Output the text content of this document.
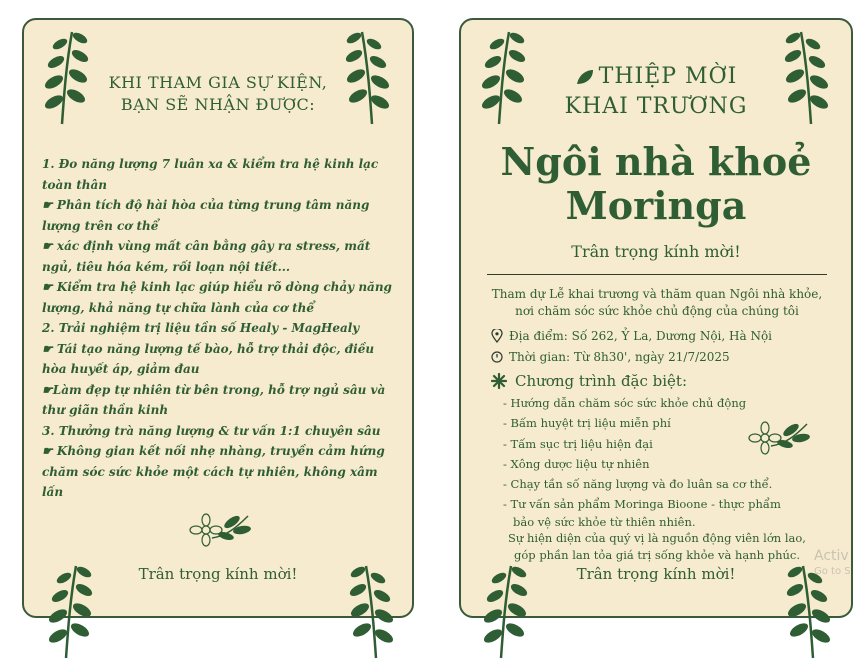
KHI THAM GIA SỰ KIỆN,
BẠN SẼ NHẬN ĐƯỢC:
1. Đo năng lượng 7 luân xa & kiểm tra hệ kinh lạc toàn thân
☛ Phân tích độ hài hòa của từng trung tâm năng lượng trên cơ thể
☛ xác định vùng mất cân bằng gây ra stress, mất ngủ, tiêu hóa kém, rối loạn nội tiết...
☛ Kiểm tra hệ kinh lạc giúp hiểu rõ dòng chảy năng lượng, khả năng tự chữa lành của cơ thể
2. Trải nghiệm trị liệu tần số Healy - MagHealy
☛ Tái tạo năng lượng tế bào, hỗ trợ thải độc, điều hòa huyết áp, giảm đau
☛Làm đẹp tự nhiên từ bên trong, hỗ trợ ngủ sâu và thư giãn thần kinh
3. Thưởng trà năng lượng & tư vấn 1:1 chuyên sâu
☛ Không gian kết nối nhẹ nhàng, truyền cảm hứng chăm sóc sức khỏe một cách tự nhiên, không xâm lấn
Trân trọng kính mời!
THIỆP MỜI
KHAI TRƯƠNG
Ngôi nhà khoẻ
Moringa
Trân trọng kính mời!
Tham dự Lễ khai trương và thăm quan Ngôi nhà khỏe,
nơi chăm sóc sức khỏe chủ động của chúng tôi
Địa điểm: Số 262, Ỷ La, Dương Nội, Hà Nội
Thời gian: Từ 8h30', ngày 21/7/2025
Chương trình đặc biệt:
- Hướng dẫn chăm sóc sức khỏe chủ động
- Bấm huyệt trị liệu miễn phí
- Tấm sục trị liệu hiện đại
- Xông dược liệu tự nhiên
- Chạy tần số năng lượng và đo luân sa cơ thể.
- Tư vấn sản phẩm Moringa Bioone - thực phẩm
bảo vệ sức khỏe từ thiên nhiên.
Sự hiện diện của quý vị là nguồn động viên lớn lao,
góp phần lan tỏa giá trị sống khỏe và hạnh phúc.
Trân trọng kính mời!
Activ
Go to S
